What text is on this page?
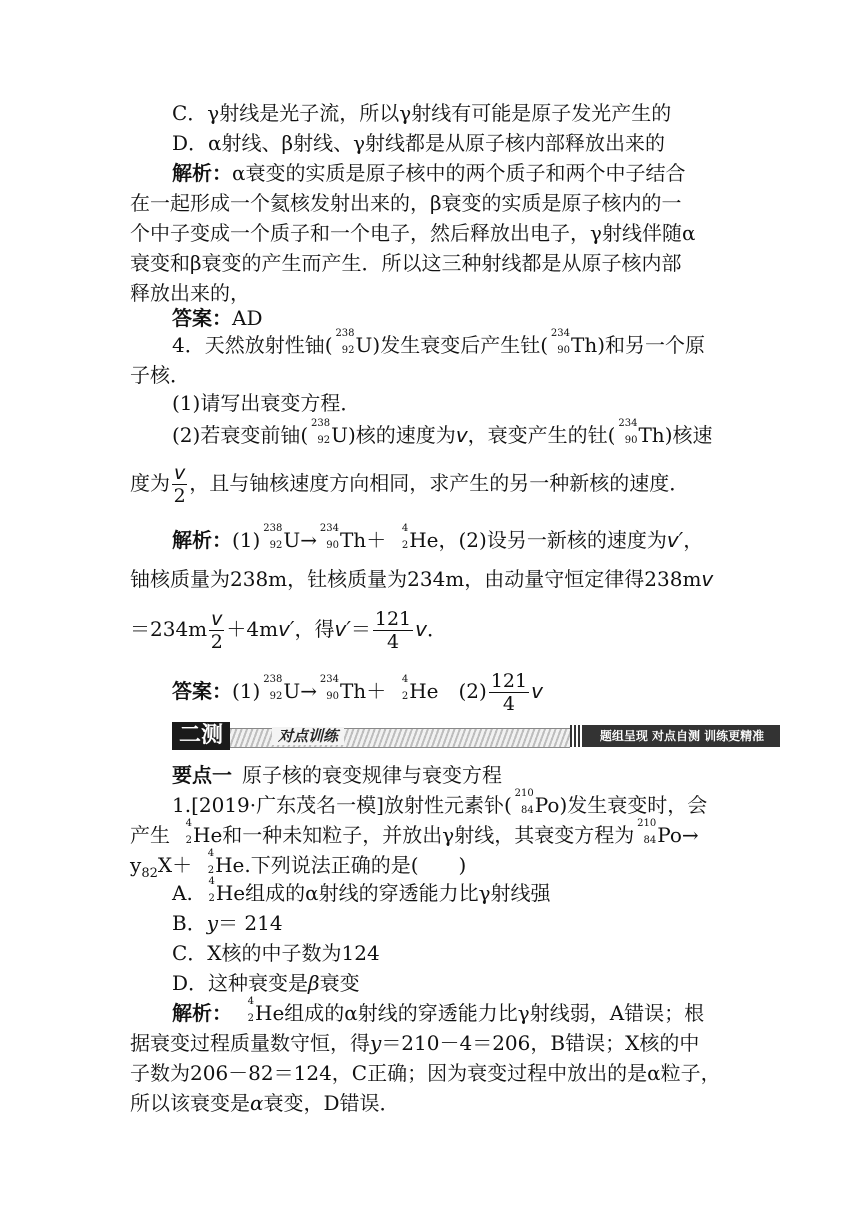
C．γ射线是光子流，所以γ射线有可能是原子发光产生的
D．α射线、β射线、γ射线都是从原子核内部释放出来的
解析：α衰变的实质是原子核中的两个质子和两个中子结合
在一起形成一个氦核发射出来的，β衰变的实质是原子核内的一
个中子变成一个质子和一个电子，然后释放出电子，γ射线伴随α
衰变和β衰变的产生而产生．所以这三种射线都是从原子核内部
释放出来的，
答案：AD
4．天然放射性铀( 238
92 U)发生衰变后产生钍( 234
90 Th)和另一个原
子核．
(1)请写出衰变方程．
(2)若衰变前铀( 238
92 U)核的速度为v，衰变产生的钍( 234
90 Th)核速
度为 $\frac{v}{2}$ ，且与铀核速度方向相同，求产生的另一种新核的速度．
解析：(1) 238
92 U→ 234
90 Th＋ 4
2 He，(2)设另一新核的速度为v′，
铀核质量为238m，钍核质量为234m，由动量守恒定律得238mv
$=234m \frac{v}{2} +4mv'$，得$v'= \frac{121}{4}$ v．
答案：(1) 238
92 U→ 234
90 Th＋ 4
2 He  $(2) \frac{121}{4}$ v
二测	对点训练	题组呈现 对点自测 训练更精准
要点一  原子核的衰变规律与衰变方程
1.[2019·广东茂名一模]放射性元素钋( 210
84 Po)发生衰变时，会
产生 4
2 He和一种未知粒子，并放出γ射线，其衰变方程为 210
84 Po→
$y_{82}X+ 4$
2 He.下列说法正确的是(　　)
A. 4
2 He组成的α射线的穿透能力比γ射线强
B．y＝ 214
C．X核的中子数为124
D．这种衰变是β衰变
解析： 4
2 He组成的α射线的穿透能力比γ射线弱，A错误；根
据衰变过程质量数守恒，得y＝210－4＝206，B错误；X核的中
子数为206－82＝124，C正确；因为衰变过程中放出的是α粒子，
所以该衰变是α衰变，D错误．
